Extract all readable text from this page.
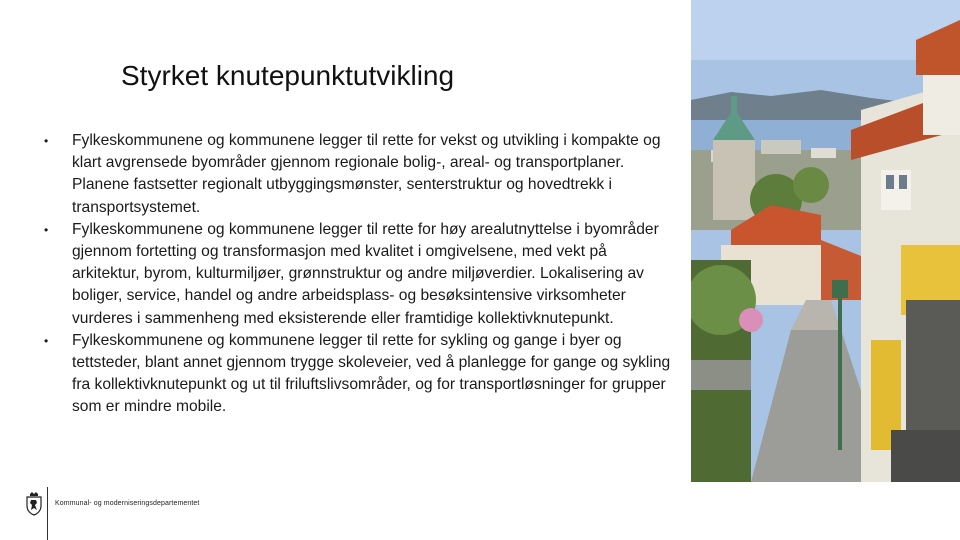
Styrket knutepunktutvikling
•	Fylkeskommunene og kommunene legger til rette for vekst og utvikling i kompakte og klart avgrensede byområder gjennom regionale bolig-, areal- og transportplaner. Planene fastsetter regionalt utbyggingsmønster, senterstruktur og hovedtrekk i transportsystemet.
•	Fylkeskommunene og kommunene legger til rette for høy arealutnyttelse i byområder gjennom fortetting og transformasjon med kvalitet i omgivelsene, med vekt på arkitektur, byrom, kulturmiljøer, grønnstruktur og andre miljøverdier. Lokalisering av boliger, service, handel og andre arbeidsplass- og besøksintensive virksomheter vurderes i sammenheng med eksisterende eller framtidige kollektivknutepunkt.
•	Fylkeskommunene og kommunene legger til rette for sykling og gange i byer og tettsteder, blant annet gjennom trygge skoleveier, ved å planlegge for gange og sykling fra kollektivknutepunkt og ut til friluftslivsområder, og for transportløsninger for grupper som er mindre mobile.
Kommunal- og moderniseringsdepartementet
